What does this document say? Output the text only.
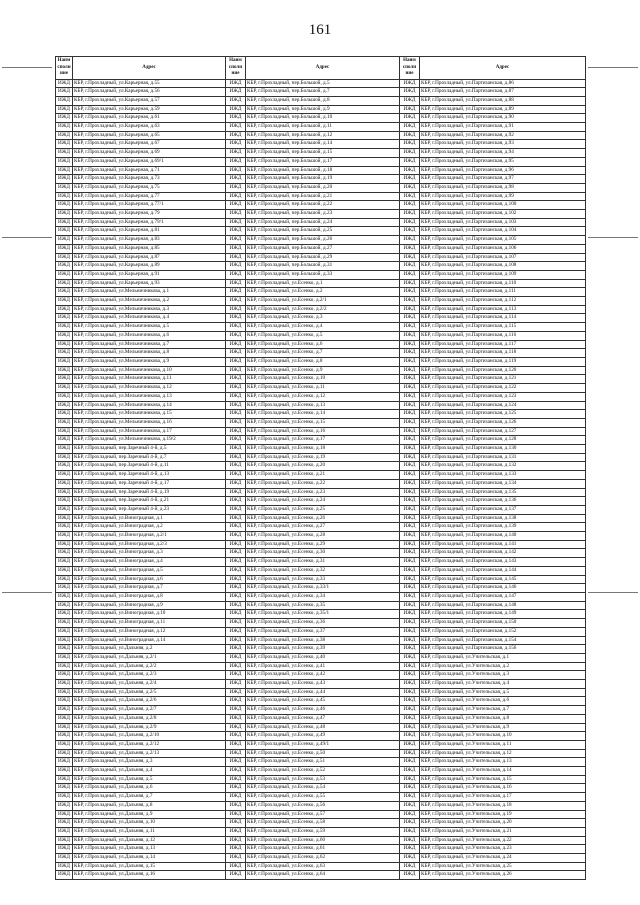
161
Наим сполн ние	Адрес	Наим сполн ние	Адрес	Наим сполн ние	Адрес
ИЖД	КБР, г.Прохладный, ул.Карьерная, д.55	ИЖД	КБР, г.Прохладный, пер.Большой, д.5	ИЖД	КБР, г.Прохладный, ул.Партизанская, д.86
ИЖД	КБР, г.Прохладный, ул.Карьерная, д.56	ИЖД	КБР, г.Прохладный, пер.Большой, д.7	ИЖД	КБР, г.Прохладный, ул.Партизанская, д.87
ИЖД	КБР, г.Прохладный, ул.Карьерная, д.57	ИЖД	КБР, г.Прохладный, пер.Большой, д.8	ИЖД	КБР, г.Прохладный, ул.Партизанская, д.88
ИЖД	КБР, г.Прохладный, ул.Карьерная, д.59	ИЖД	КБР, г.Прохладный, пер.Большой, д.9	ИЖД	КБР, г.Прохладный, ул.Партизанская, д.89
ИЖД	КБР, г.Прохладный, ул.Карьерная, д.61	ИЖД	КБР, г.Прохладный, пер.Большой, д.10	ИЖД	КБР, г.Прохладный, ул.Партизанская, д.90
ИЖД	КБР, г.Прохладный, ул.Карьерная, д.63	ИЖД	КБР, г.Прохладный, пер.Большой, д.11	ИЖД	КБР, г.Прохладный, ул.Партизанская, д.91
ИЖД	КБР, г.Прохладный, ул.Карьерная, д.65	ИЖД	КБР, г.Прохладный, пер.Большой, д.12	ИЖД	КБР, г.Прохладный, ул.Партизанская, д.92
ИЖД	КБР, г.Прохладный, ул.Карьерная, д.67	ИЖД	КБР, г.Прохладный, пер.Большой, д.14	ИЖД	КБР, г.Прохладный, ул.Партизанская, д.93
ИЖД	КБР, г.Прохладный, ул.Карьерная, д.69	ИЖД	КБР, г.Прохладный, пер.Большой, д.15	ИЖД	КБР, г.Прохладный, ул.Партизанская, д.94
ИЖД	КБР, г.Прохладный, ул.Карьерная, д.69/1	ИЖД	КБР, г.Прохладный, пер.Большой, д.17	ИЖД	КБР, г.Прохладный, ул.Партизанская, д.95
ИЖД	КБР, г.Прохладный, ул.Карьерная, д.71	ИЖД	КБР, г.Прохладный, пер.Большой, д.18	ИЖД	КБР, г.Прохладный, ул.Партизанская, д.96
ИЖД	КБР, г.Прохладный, ул.Карьерная, д.73	ИЖД	КБР, г.Прохладный, пер.Большой, д.19	ИЖД	КБР, г.Прохладный, ул.Партизанская, д.97
ИЖД	КБР, г.Прохладный, ул.Карьерная, д.75	ИЖД	КБР, г.Прохладный, пер.Большой, д.20	ИЖД	КБР, г.Прохладный, ул.Партизанская, д.98
ИЖД	КБР, г.Прохладный, ул.Карьерная, д.77	ИЖД	КБР, г.Прохладный, пер.Большой, д.21	ИЖД	КБР, г.Прохладный, ул.Партизанская, д.99
ИЖД	КБР, г.Прохладный, ул.Карьерная, д.77/1	ИЖД	КБР, г.Прохладный, пер.Большой, д.22	ИЖД	КБР, г.Прохладный, ул.Партизанская, д.100
ИЖД	КБР, г.Прохладный, ул.Карьерная, д.79	ИЖД	КБР, г.Прохладный, пер.Большой, д.23	ИЖД	КБР, г.Прохладный, ул.Партизанская, д.102
ИЖД	КБР, г.Прохладный, ул.Карьерная, д.79/1	ИЖД	КБР, г.Прохладный, пер.Большой, д.24	ИЖД	КБР, г.Прохладный, ул.Партизанская, д.103
ИЖД	КБР, г.Прохладный, ул.Карьерная, д.81	ИЖД	КБР, г.Прохладный, пер.Большой, д.25	ИЖД	КБР, г.Прохладный, ул.Партизанская, д.104
ИЖД	КБР, г.Прохладный, ул.Карьерная, д.83	ИЖД	КБР, г.Прохладный, пер.Большой, д.26	ИЖД	КБР, г.Прохладный, ул.Партизанская, д.105
ИЖД	КБР, г.Прохладный, ул.Карьерная, д.85	ИЖД	КБР, г.Прохладный, пер.Большой, д.27	ИЖД	КБР, г.Прохладный, ул.Партизанская, д.106
ИЖД	КБР, г.Прохладный, ул.Карьерная, д.87	ИЖД	КБР, г.Прохладный, пер.Большой, д.29	ИЖД	КБР, г.Прохладный, ул.Партизанская, д.107
ИЖД	КБР, г.Прохладный, ул.Карьерная, д.89	ИЖД	КБР, г.Прохладный, пер.Большой, д.31	ИЖД	КБР, г.Прохладный, ул.Партизанская, д.108
ИЖД	КБР, г.Прохладный, ул.Карьерная, д.91	ИЖД	КБР, г.Прохладный, пер.Большой, д.33	ИЖД	КБР, г.Прохладный, ул.Партизанская, д.109
ИЖД	КБР, г.Прохладный, ул.Карьерная, д.93	ИЖД	КБР, г.Прохладный, ул.Есенко, д.1	ИЖД	КБР, г.Прохладный, ул.Партизанская, д.110
ИЖД	КБР, г.Прохладный, ул.Мельничникова, д.1	ИЖД	КБР, г.Прохладный, ул.Есенко, д.2	ИЖД	КБР, г.Прохладный, ул.Партизанская, д.111
ИЖД	КБР, г.Прохладный, ул.Мельничникова, д.2	ИЖД	КБР, г.Прохладный, ул.Есенко, д.2/1	ИЖД	КБР, г.Прохладный, ул.Партизанская, д.112
ИЖД	КБР, г.Прохладный, ул.Мельничникова, д.3	ИЖД	КБР, г.Прохладный, ул.Есенко, д.2/2	ИЖД	КБР, г.Прохладный, ул.Партизанская, д.113
ИЖД	КБР, г.Прохладный, ул.Мельничникова, д.4	ИЖД	КБР, г.Прохладный, ул.Есенко, д.3	ИЖД	КБР, г.Прохладный, ул.Партизанская, д.114
ИЖД	КБР, г.Прохладный, ул.Мельничникова, д.5	ИЖД	КБР, г.Прохладный, ул.Есенко, д.4	ИЖД	КБР, г.Прохладный, ул.Партизанская, д.115
ИЖД	КБР, г.Прохладный, ул.Мельничникова, д.6	ИЖД	КБР, г.Прохладный, ул.Есенко, д.5	ИЖД	КБР, г.Прохладный, ул.Партизанская, д.116
ИЖД	КБР, г.Прохладный, ул.Мельничникова, д.7	ИЖД	КБР, г.Прохладный, ул.Есенко, д.6	ИЖД	КБР, г.Прохладный, ул.Партизанская, д.117
ИЖД	КБР, г.Прохладный, ул.Мельничникова, д.8	ИЖД	КБР, г.Прохладный, ул.Есенко, д.7	ИЖД	КБР, г.Прохладный, ул.Партизанская, д.118
ИЖД	КБР, г.Прохладный, ул.Мельничникова, д.9	ИЖД	КБР, г.Прохладный, ул.Есенко, д.8	ИЖД	КБР, г.Прохладный, ул.Партизанская, д.119
ИЖД	КБР, г.Прохладный, ул.Мельничникова, д.10	ИЖД	КБР, г.Прохладный, ул.Есенко, д.9	ИЖД	КБР, г.Прохладный, ул.Партизанская, д.120
ИЖД	КБР, г.Прохладный, ул.Мельничникова, д.11	ИЖД	КБР, г.Прохладный, ул.Есенко, д.10	ИЖД	КБР, г.Прохладный, ул.Партизанская, д.121
ИЖД	КБР, г.Прохладный, ул.Мельничникова, д.12	ИЖД	КБР, г.Прохладный, ул.Есенко, д.11	ИЖД	КБР, г.Прохладный, ул.Партизанская, д.122
ИЖД	КБР, г.Прохладный, ул.Мельничникова, д.13	ИЖД	КБР, г.Прохладный, ул.Есенко, д.12	ИЖД	КБР, г.Прохладный, ул.Партизанская, д.123
ИЖД	КБР, г.Прохладный, ул.Мельничникова, д.14	ИЖД	КБР, г.Прохладный, ул.Есенко, д.13	ИЖД	КБР, г.Прохладный, ул.Партизанская, д.124
ИЖД	КБР, г.Прохладный, ул.Мельничникова, д.15	ИЖД	КБР, г.Прохладный, ул.Есенко, д.14	ИЖД	КБР, г.Прохладный, ул.Партизанская, д.125
ИЖД	КБР, г.Прохладный, ул.Мельничникова, д.16	ИЖД	КБР, г.Прохладный, ул.Есенко, д.15	ИЖД	КБР, г.Прохладный, ул.Партизанская, д.126
ИЖД	КБР, г.Прохладный, ул.Мельничникова, д.17	ИЖД	КБР, г.Прохладный, ул.Есенко, д.16	ИЖД	КБР, г.Прохладный, ул.Партизанская, д.127
ИЖД	КБР, г.Прохладный, ул.Мельничникова, д.19/2	ИЖД	КБР, г.Прохладный, ул.Есенко, д.17	ИЖД	КБР, г.Прохладный, ул.Партизанская, д.128
ИЖД	КБР, г.Прохладный, пер.Заречный 4-й, д.5	ИЖД	КБР, г.Прохладный, ул.Есенко, д.18	ИЖД	КБР, г.Прохладный, ул.Партизанская, д.130
ИЖД	КБР, г.Прохладный, пер.Заречный 4-й, д.7	ИЖД	КБР, г.Прохладный, ул.Есенко, д.19	ИЖД	КБР, г.Прохладный, ул.Партизанская, д.131
ИЖД	КБР, г.Прохладный, пер.Заречный 4-й, д.11	ИЖД	КБР, г.Прохладный, ул.Есенко, д.20	ИЖД	КБР, г.Прохладный, ул.Партизанская, д.132
ИЖД	КБР, г.Прохладный, пер.Заречный 4-й, д.13	ИЖД	КБР, г.Прохладный, ул.Есенко, д.21	ИЖД	КБР, г.Прохладный, ул.Партизанская, д.133
ИЖД	КБР, г.Прохладный, пер.Заречный 4-й, д.17	ИЖД	КБР, г.Прохладный, ул.Есенко, д.22	ИЖД	КБР, г.Прохладный, ул.Партизанская, д.134
ИЖД	КБР, г.Прохладный, пер.Заречный 4-й, д.19	ИЖД	КБР, г.Прохладный, ул.Есенко, д.23	ИЖД	КБР, г.Прохладный, ул.Партизанская, д.135
ИЖД	КБР, г.Прохладный, пер.Заречный 4-й, д.21	ИЖД	КБР, г.Прохладный, ул.Есенко, д.24	ИЖД	КБР, г.Прохладный, ул.Партизанская, д.136
ИЖД	КБР, г.Прохладный, пер.Заречный 4-й, д.23	ИЖД	КБР, г.Прохладный, ул.Есенко, д.25	ИЖД	КБР, г.Прохладный, ул.Партизанская, д.137
ИЖД	КБР, г.Прохладный, ул.Виноградная, д.1	ИЖД	КБР, г.Прохладный, ул.Есенко, д.26	ИЖД	КБР, г.Прохладный, ул.Партизанская, д.138
ИЖД	КБР, г.Прохладный, ул.Виноградная, д.2	ИЖД	КБР, г.Прохладный, ул.Есенко, д.27	ИЖД	КБР, г.Прохладный, ул.Партизанская, д.139
ИЖД	КБР, г.Прохладный, ул.Виноградная, д.2/1	ИЖД	КБР, г.Прохладный, ул.Есенко, д.28	ИЖД	КБР, г.Прохладный, ул.Партизанская, д.140
ИЖД	КБР, г.Прохладный, ул.Виноградная, д.2/3	ИЖД	КБР, г.Прохладный, ул.Есенко, д.29	ИЖД	КБР, г.Прохладный, ул.Партизанская, д.141
ИЖД	КБР, г.Прохладный, ул.Виноградная, д.3	ИЖД	КБР, г.Прохладный, ул.Есенко, д.30	ИЖД	КБР, г.Прохладный, ул.Партизанская, д.142
ИЖД	КБР, г.Прохладный, ул.Виноградная, д.4	ИЖД	КБР, г.Прохладный, ул.Есенко, д.31	ИЖД	КБР, г.Прохладный, ул.Партизанская, д.143
ИЖД	КБР, г.Прохладный, ул.Виноградная, д.5	ИЖД	КБР, г.Прохладный, ул.Есенко, д.32	ИЖД	КБР, г.Прохладный, ул.Партизанская, д.144
ИЖД	КБР, г.Прохладный, ул.Виноградная, д.6	ИЖД	КБР, г.Прохладный, ул.Есенко, д.33	ИЖД	КБР, г.Прохладный, ул.Партизанская, д.145
ИЖД	КБР, г.Прохладный, ул.Виноградная, д.7	ИЖД	КБР, г.Прохладный, ул.Есенко, д.33/1	ИЖД	КБР, г.Прохладный, ул.Партизанская, д.146
ИЖД	КБР, г.Прохладный, ул.Виноградная, д.8	ИЖД	КБР, г.Прохладный, ул.Есенко, д.34	ИЖД	КБР, г.Прохладный, ул.Партизанская, д.147
ИЖД	КБР, г.Прохладный, ул.Виноградная, д.9	ИЖД	КБР, г.Прохладный, ул.Есенко, д.35	ИЖД	КБР, г.Прохладный, ул.Партизанская, д.148
ИЖД	КБР, г.Прохладный, ул.Виноградная, д.10	ИЖД	КБР, г.Прохладный, ул.Есенко, д.35/1	ИЖД	КБР, г.Прохладный, ул.Партизанская, д.149
ИЖД	КБР, г.Прохладный, ул.Виноградная, д.11	ИЖД	КБР, г.Прохладный, ул.Есенко, д.36	ИЖД	КБР, г.Прохладный, ул.Партизанская, д.150
ИЖД	КБР, г.Прохладный, ул.Виноградная, д.12	ИЖД	КБР, г.Прохладный, ул.Есенко, д.37	ИЖД	КБР, г.Прохладный, ул.Партизанская, д.152
ИЖД	КБР, г.Прохладный, ул.Виноградная, д.14	ИЖД	КБР, г.Прохладный, ул.Есенко, д.38	ИЖД	КБР, г.Прохладный, ул.Партизанская, д.154
ИЖД	КБР, г.Прохладный, ул.Дальняя, д.2	ИЖД	КБР, г.Прохладный, ул.Есенко, д.39	ИЖД	КБР, г.Прохладный, ул.Партизанская, д.156
ИЖД	КБР, г.Прохладный, ул.Дальняя, д.2/1	ИЖД	КБР, г.Прохладный, ул.Есенко, д.40	ИЖД	КБР, г.Прохладный, ул.Учительская, д.1
ИЖД	КБР, г.Прохладный, ул.Дальняя, д.2/2	ИЖД	КБР, г.Прохладный, ул.Есенко, д.41	ИЖД	КБР, г.Прохладный, ул.Учительская, д.2
ИЖД	КБР, г.Прохладный, ул.Дальняя, д.2/3	ИЖД	КБР, г.Прохладный, ул.Есенко, д.42	ИЖД	КБР, г.Прохладный, ул.Учительская, д.3
ИЖД	КБР, г.Прохладный, ул.Дальняя, д.2/4	ИЖД	КБР, г.Прохладный, ул.Есенко, д.43	ИЖД	КБР, г.Прохладный, ул.Учительская, д.4
ИЖД	КБР, г.Прохладный, ул.Дальняя, д.2/5	ИЖД	КБР, г.Прохладный, ул.Есенко, д.44	ИЖД	КБР, г.Прохладный, ул.Учительская, д.5
ИЖД	КБР, г.Прохладный, ул.Дальняя, д.2/6	ИЖД	КБР, г.Прохладный, ул.Есенко, д.45	ИЖД	КБР, г.Прохладный, ул.Учительская, д.6
ИЖД	КБР, г.Прохладный, ул.Дальняя, д.2/7	ИЖД	КБР, г.Прохладный, ул.Есенко, д.46	ИЖД	КБР, г.Прохладный, ул.Учительская, д.7
ИЖД	КБР, г.Прохладный, ул.Дальняя, д.2/8	ИЖД	КБР, г.Прохладный, ул.Есенко, д.47	ИЖД	КБР, г.Прохладный, ул.Учительская, д.8
ИЖД	КБР, г.Прохладный, ул.Дальняя, д.2/9	ИЖД	КБР, г.Прохладный, ул.Есенко, д.48	ИЖД	КБР, г.Прохладный, ул.Учительская, д.9
ИЖД	КБР, г.Прохладный, ул.Дальняя, д.2/10	ИЖД	КБР, г.Прохладный, ул.Есенко, д.49	ИЖД	КБР, г.Прохладный, ул.Учительская, д.10
ИЖД	КБР, г.Прохладный, ул.Дальняя, д.2/12	ИЖД	КБР, г.Прохладный, ул.Есенко, д.49/1	ИЖД	КБР, г.Прохладный, ул.Учительская, д.11
ИЖД	КБР, г.Прохладный, ул.Дальняя, д.2/13	ИЖД	КБР, г.Прохладный, ул.Есенко, д.50	ИЖД	КБР, г.Прохладный, ул.Учительская, д.12
ИЖД	КБР, г.Прохладный, ул.Дальняя, д.3	ИЖД	КБР, г.Прохладный, ул.Есенко, д.51	ИЖД	КБР, г.Прохладный, ул.Учительская, д.13
ИЖД	КБР, г.Прохладный, ул.Дальняя, д.4	ИЖД	КБР, г.Прохладный, ул.Есенко, д.52	ИЖД	КБР, г.Прохладный, ул.Учительская, д.14
ИЖД	КБР, г.Прохладный, ул.Дальняя, д.5	ИЖД	КБР, г.Прохладный, ул.Есенко, д.53	ИЖД	КБР, г.Прохладный, ул.Учительская, д.15
ИЖД	КБР, г.Прохладный, ул.Дальняя, д.6	ИЖД	КБР, г.Прохладный, ул.Есенко, д.54	ИЖД	КБР, г.Прохладный, ул.Учительская, д.16
ИЖД	КБР, г.Прохладный, ул.Дальняя, д.7	ИЖД	КБР, г.Прохладный, ул.Есенко, д.55	ИЖД	КБР, г.Прохладный, ул.Учительская, д.17
ИЖД	КБР, г.Прохладный, ул.Дальняя, д.8	ИЖД	КБР, г.Прохладный, ул.Есенко, д.56	ИЖД	КБР, г.Прохладный, ул.Учительская, д.18
ИЖД	КБР, г.Прохладный, ул.Дальняя, д.9	ИЖД	КБР, г.Прохладный, ул.Есенко, д.57	ИЖД	КБР, г.Прохладный, ул.Учительская, д.19
ИЖД	КБР, г.Прохладный, ул.Дальняя, д.10	ИЖД	КБР, г.Прохладный, ул.Есенко, д.58	ИЖД	КБР, г.Прохладный, ул.Учительская, д.20
ИЖД	КБР, г.Прохладный, ул.Дальняя, д.11	ИЖД	КБР, г.Прохладный, ул.Есенко, д.59	ИЖД	КБР, г.Прохладный, ул.Учительская, д.21
ИЖД	КБР, г.Прохладный, ул.Дальняя, д.12	ИЖД	КБР, г.Прохладный, ул.Есенко, д.60	ИЖД	КБР, г.Прохладный, ул.Учительская, д.22
ИЖД	КБР, г.Прохладный, ул.Дальняя, д.13	ИЖД	КБР, г.Прохладный, ул.Есенко, д.61	ИЖД	КБР, г.Прохладный, ул.Учительская, д.23
ИЖД	КБР, г.Прохладный, ул.Дальняя, д.14	ИЖД	КБР, г.Прохладный, ул.Есенко, д.62	ИЖД	КБР, г.Прохладный, ул.Учительская, д.24
ИЖД	КБР, г.Прохладный, ул.Дальняя, д.15	ИЖД	КБР, г.Прохладный, ул.Есенко, д.63	ИЖД	КБР, г.Прохладный, ул.Учительская, д.25
ИЖД	КБР, г.Прохладный, ул.Дальняя, д.16	ИЖД	КБР, г.Прохладный, ул.Есенко, д.64	ИЖД	КБР, г.Прохладный, ул.Учительская, д.26
